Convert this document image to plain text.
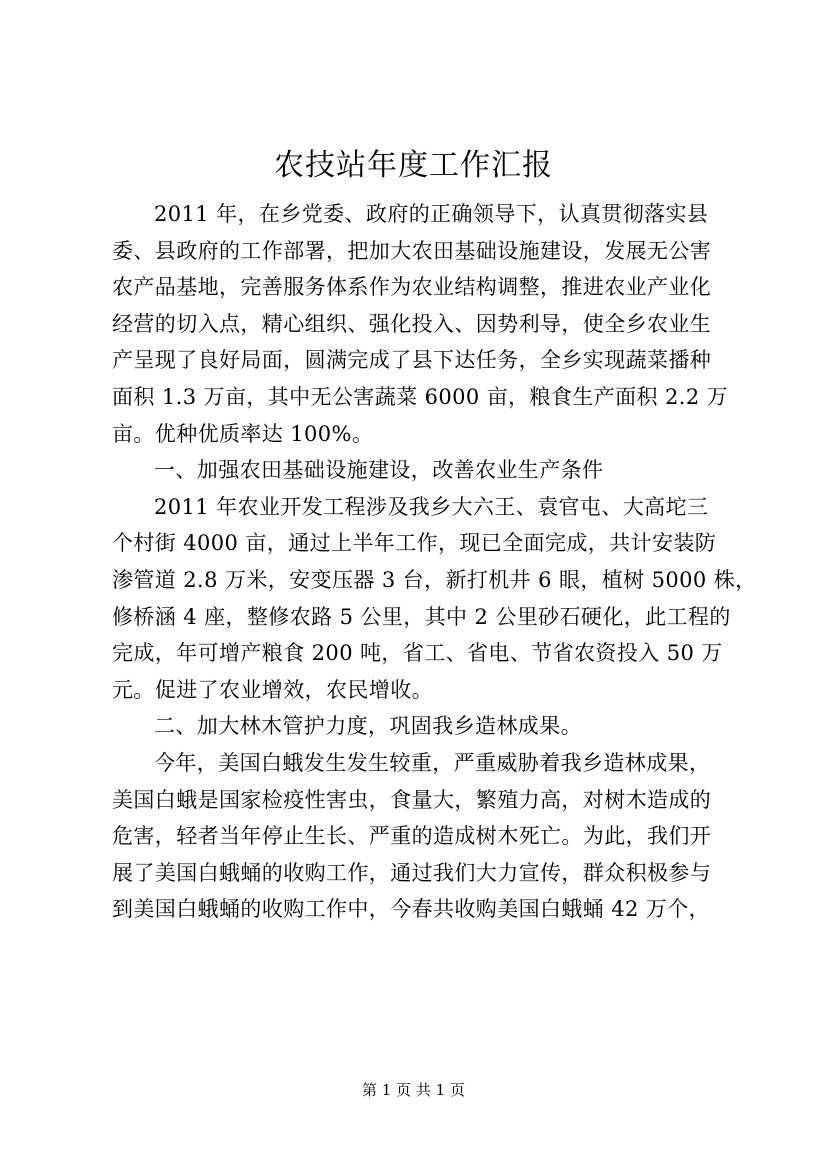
农技站年度工作汇报
2011 年，在乡党委、政府的正确领导下，认真贯彻落实县
委、县政府的工作部署，把加大农田基础设施建设，发展无公害
农产品基地，完善服务体系作为农业结构调整，推进农业产业化
经营的切入点，精心组织、强化投入、因势利导，使全乡农业生
产呈现了良好局面，圆满完成了县下达任务，全乡实现蔬菜播种
面积 1.3 万亩，其中无公害蔬菜 6000 亩，粮食生产面积 2.2 万
亩。优种优质率达 100%。
一、加强农田基础设施建设，改善农业生产条件
2011 年农业开发工程涉及我乡大六王、袁官屯、大高坨三
个村街 4000 亩，通过上半年工作，现已全面完成，共计安装防
渗管道 2.8 万米，安变压器 3 台，新打机井 6 眼，植树 5000 株，
修桥涵 4 座，整修农路 5 公里，其中 2 公里砂石硬化，此工程的
完成，年可增产粮食 200 吨，省工、省电、节省农资投入 50 万
元。促进了农业增效，农民增收。
二、加大林木管护力度，巩固我乡造林成果。
今年，美国白蛾发生发生较重，严重威胁着我乡造林成果，
美国白蛾是国家检疫性害虫，食量大，繁殖力高，对树木造成的
危害，轻者当年停止生长、严重的造成树木死亡。为此，我们开
展了美国白蛾蛹的收购工作，通过我们大力宣传，群众积极参与
到美国白蛾蛹的收购工作中，今春共收购美国白蛾蛹 42 万个，
第 1 页 共 1 页
